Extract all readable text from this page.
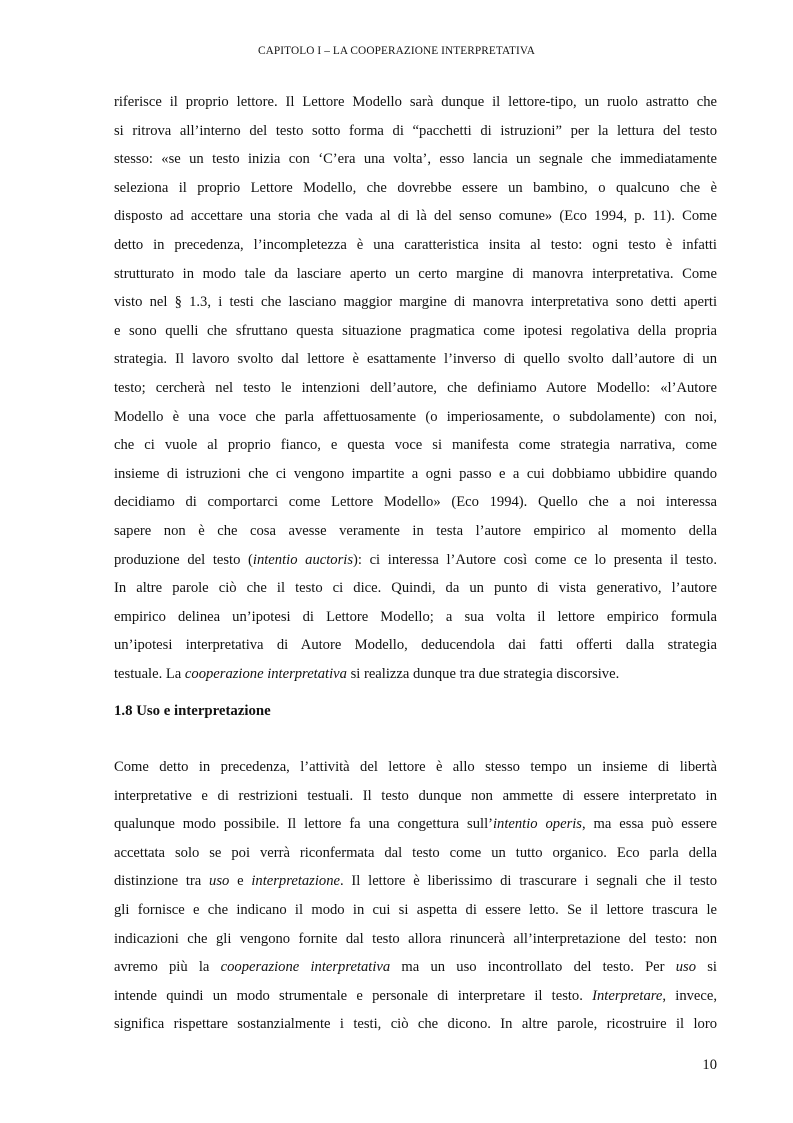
CAPITOLO I – LA COOPERAZIONE INTERPRETATIVA
riferisce il proprio lettore. Il Lettore Modello sarà dunque il lettore-tipo, un ruolo astratto che
si ritrova all’interno del testo sotto forma di “pacchetti di istruzioni” per la lettura del testo
stesso: «se un testo inizia con ‘C’era una volta’, esso lancia un segnale che immediatamente
seleziona il proprio Lettore Modello, che dovrebbe essere un bambino, o qualcuno che è
disposto ad accettare una storia che vada al di là del senso comune» (Eco 1994, p. 11). Come
detto in precedenza, l’incompletezza è una caratteristica insita al testo: ogni testo è infatti
strutturato in modo tale da lasciare aperto un certo margine di manovra interpretativa. Come
visto nel § 1.3, i testi che lasciano maggior margine di manovra interpretativa sono detti aperti
e sono quelli che sfruttano questa situazione pragmatica come ipotesi regolativa della propria
strategia. Il lavoro svolto dal lettore è esattamente l’inverso di quello svolto dall’autore di un
testo; cercherà nel testo le intenzioni dell’autore, che definiamo Autore Modello: «l’Autore
Modello è una voce che parla affettuosamente (o imperiosamente, o subdolamente) con noi,
che ci vuole al proprio fianco, e questa voce si manifesta come strategia narrativa, come
insieme di istruzioni che ci vengono impartite a ogni passo e a cui dobbiamo ubbidire quando
decidiamo di comportarci come Lettore Modello» (Eco 1994). Quello che a noi interessa
sapere non è che cosa avesse veramente in testa l’autore empirico al momento della
produzione del testo (intentio auctoris): ci interessa l’Autore così come ce lo presenta il testo.
In altre parole ciò che il testo ci dice. Quindi, da un punto di vista generativo, l’autore
empirico delinea un’ipotesi di Lettore Modello; a sua volta il lettore empirico formula
un’ipotesi interpretativa di Autore Modello, deducendola dai fatti offerti dalla strategia
testuale. La cooperazione interpretativa si realizza dunque tra due strategia discorsive.
1.8 Uso e interpretazione
Come detto in precedenza, l’attività del lettore è allo stesso tempo un insieme di libertà
interpretative e di restrizioni testuali. Il testo dunque non ammette di essere interpretato in
qualunque modo possibile. Il lettore fa una congettura sull’intentio operis, ma essa può essere
accettata solo se poi verrà riconfermata dal testo come un tutto organico. Eco parla della
distinzione tra uso e interpretazione. Il lettore è liberissimo di trascurare i segnali che il testo
gli fornisce e che indicano il modo in cui si aspetta di essere letto. Se il lettore trascura le
indicazioni che gli vengono fornite dal testo allora rinuncerà all’interpretazione del testo: non
avremo più la cooperazione interpretativa ma un uso incontrollato del testo. Per uso si
intende quindi un modo strumentale e personale di interpretare il testo. Interpretare, invece,
significa rispettare sostanzialmente i testi, ciò che dicono. In altre parole, ricostruire il loro
10
